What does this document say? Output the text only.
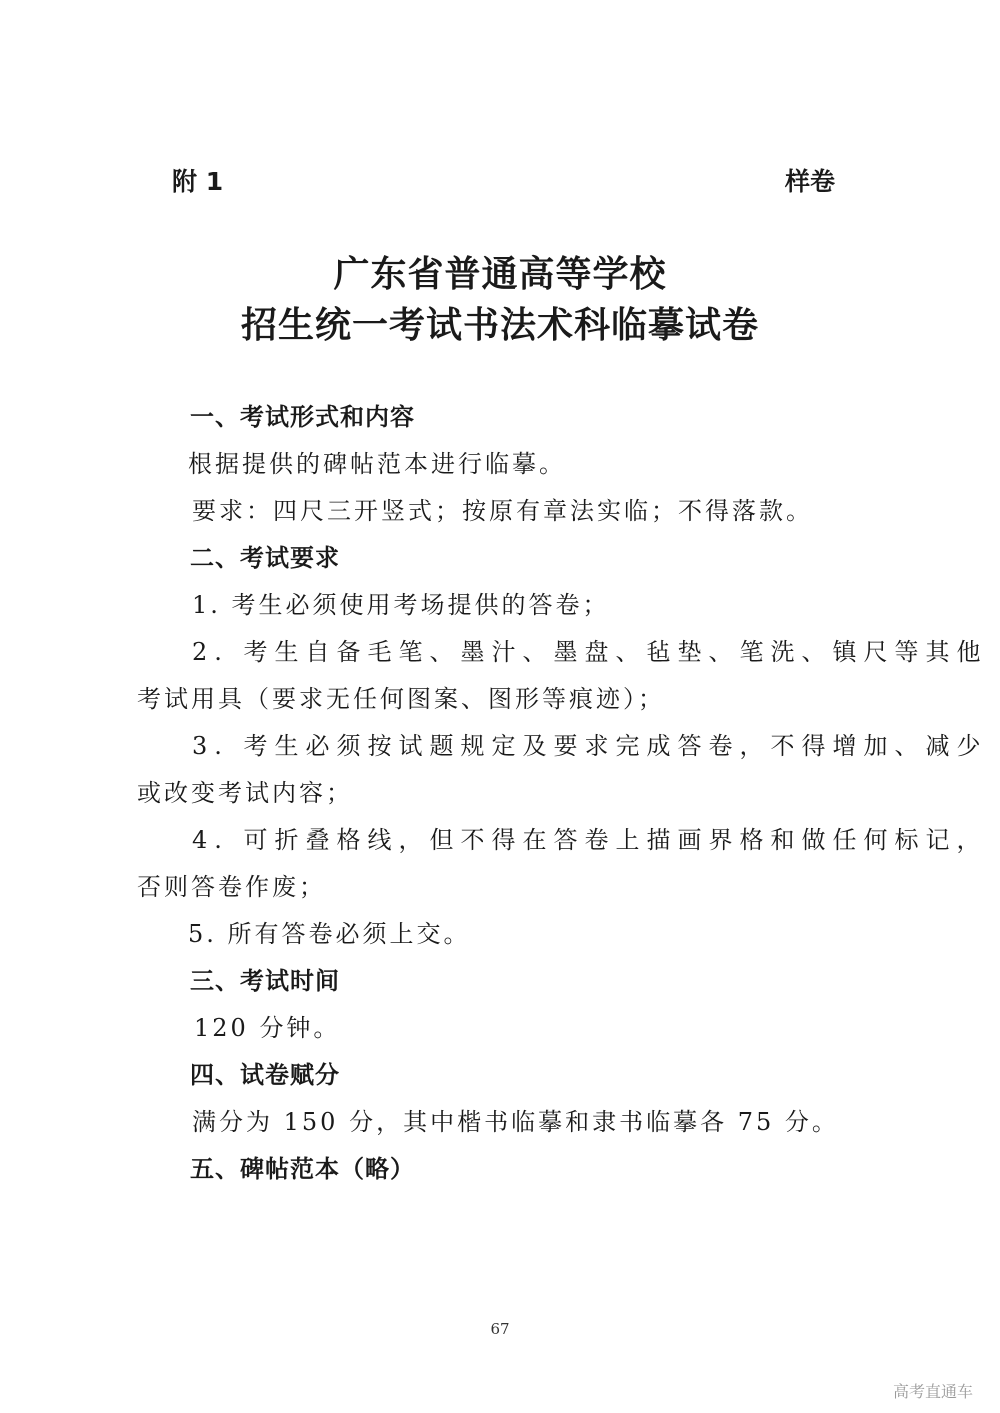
附 1	样卷
广东省普通高等学校
招生统一考试书法术科临摹试卷
一、考试形式和内容
根据提供的碑帖范本进行临摹。
要求：四尺三开竖式；按原有章法实临；不得落款。
二、考试要求
1. 考生必须使用考场提供的答卷；
2. 考生自备毛笔、墨汁、墨盘、毡垫、笔洗、镇尺等其他
考试用具（要求无任何图案、图形等痕迹）；
3. 考生必须按试题规定及要求完成答卷，不得增加、减少
或改变考试内容；
4. 可折叠格线，但不得在答卷上描画界格和做任何标记，
否则答卷作废；
5. 所有答卷必须上交。
三、考试时间
120 分钟。
四、试卷赋分
满分为 150 分，其中楷书临摹和隶书临摹各 75 分。
五、碑帖范本（略）
67
高考直通车
